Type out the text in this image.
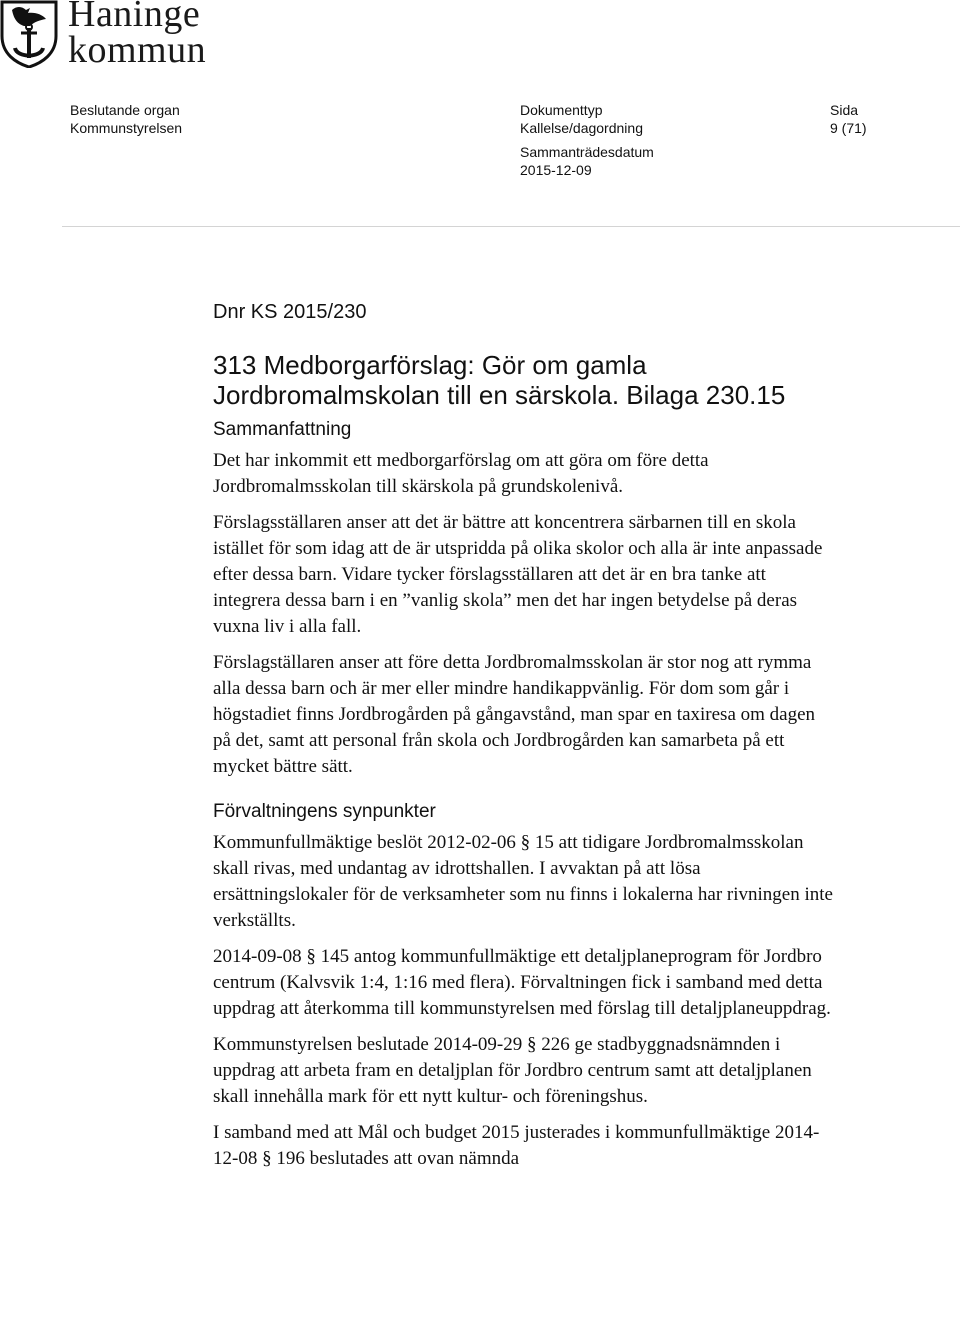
Haninge
kommun
Beslutande organ
Kommunstyrelsen
Dokumenttyp
Kallelse/dagordning
Sida
9 (71)
Sammanträdesdatum
2015-12-09
Dnr KS 2015/230
313 Medborgarförslag: Gör om gamla Jordbromalmskolan till en särskola. Bilaga 230.15
Sammanfattning

Det har inkommit ett medborgarförslag om att göra om före detta Jordbromalmsskolan till skärskola på grundskolenivå.

Förslagsställaren anser att det är bättre att koncentrera särbarnen till en skola istället för som idag att de är utspridda på olika skolor och alla är inte anpassade efter dessa barn. Vidare tycker förslagsställaren att det är en bra tanke att integrera dessa barn i en ”vanlig skola” men det har ingen betydelse på deras vuxna liv i alla fall.

Förslagställaren anser att före detta Jordbromalmsskolan är stor nog att rymma alla dessa barn och är mer eller mindre handikappvänlig. För dom som går i högstadiet finns Jordbrogården på gångavstånd, man spar en taxiresa om dagen på det, samt att personal från skola och Jordbrogården kan samarbeta på ett mycket bättre sätt.

Förvaltningens synpunkter

Kommunfullmäktige beslöt 2012-02-06 § 15 att tidigare Jordbromalmsskolan skall rivas, med undantag av idrottshallen. I avvaktan på att lösa ersättningslokaler för de verksamheter som nu finns i lokalerna har rivningen inte verkställts.

2014-09-08 § 145 antog kommunfullmäktige ett detaljplaneprogram för Jordbro centrum (Kalvsvik 1:4, 1:16 med flera). Förvaltningen fick i samband med detta uppdrag att återkomma till kommunstyrelsen med förslag till detaljplaneuppdrag.

Kommunstyrelsen beslutade 2014-09-29 § 226 ge stadbyggnadsnämnden i uppdrag att arbeta fram en detaljplan för Jordbro centrum samt att detaljplanen skall innehålla mark för ett nytt kultur- och föreningshus.

I samband med att Mål och budget 2015 justerades i kommunfullmäktige 2014-12-08 § 196 beslutades att ovan nämnda
